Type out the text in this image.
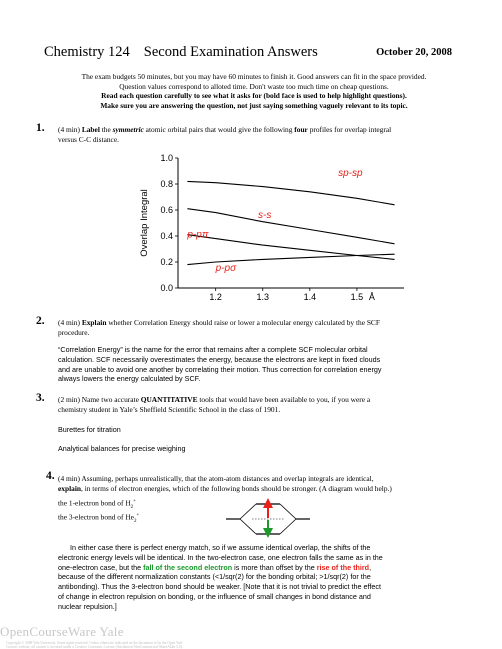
Chemistry 124 Second Examination Answers	October 20, 2008
The exam budgets 50 minutes, but you may have 60 minutes to finish it. Good answers can fit in the space provided.
Question values correspond to alloted time. Don't waste too much time on cheap questions.
Read each question carefully to see what it asks for (bold face is used to help highlight questions).
Make sure you are answering the question, not just saying something vaguely relevant to its topic.
1. (4 min) Label the symmetric atomic orbital pairs that would give the following four profiles for overlap integral
versus C-C distance.
0.0
0.2
0.4
0.6
0.8
1.0
1.2	1.3	1.4	1.5 Å
Overlap Integral
sp-sp
s-s
p-pπ
p-pσ
2. (4 min) Explain whether Correlation Energy should raise or lower a molecular energy calculated by the SCF
procedure.
“Correlation Energy” is the name for the error that remains after a complete SCF molecular orbital
calculation. SCF necessarily overestimates the energy, because the electrons are kept in fixed clouds
and are unable to avoid one another by correlating their motion. Thus correction for correlation energy
always lowers the energy calculated by SCF.
3. (2 min) Name two accurate QUANTITATIVE tools that would have been available to you, if you were a
chemistry student in Yale’s Sheffield Scientific School in the class of 1901.
Burettes for titration
Analytical balances for precise weighing
4. (4 min) Assuming, perhaps unrealistically, that the atom-atom distances and overlap integrals are identical,
explain, in terms of electron energies, which of the following bonds should be stronger. (A diagram would help.)
the 1-electron bond of $H_2^+$
the 3-electron bond of $He_2^+$
In either case there is perfect energy match, so if we assume identical overlap, the shifts of the
electronic energy levels will be identical. In the two-electron case, one electron falls the same as in the
one-electron case, but the fall of the second electron is more than offset by the rise of the third,
because of the different normalization constants (<1/sqr(2) for the bonding orbital; >1/sqr(2) for the
antibonding). Thus the 3-electron bond should be weaker. [Note that it is not trivial to predict the effect
of change in electron repulsion on bonding, or the influence of small changes in bond distance and
nuclear repulsion.]
OpenCourseWare Yale
Copyright © 2008 Yale University. Some rights reserved. Unless otherwise indicated on the document or by the Open Yale
Courses website, all content is licensed under a Creative Commons License (Attribution-NonCommercial-ShareAlike 3.0).
